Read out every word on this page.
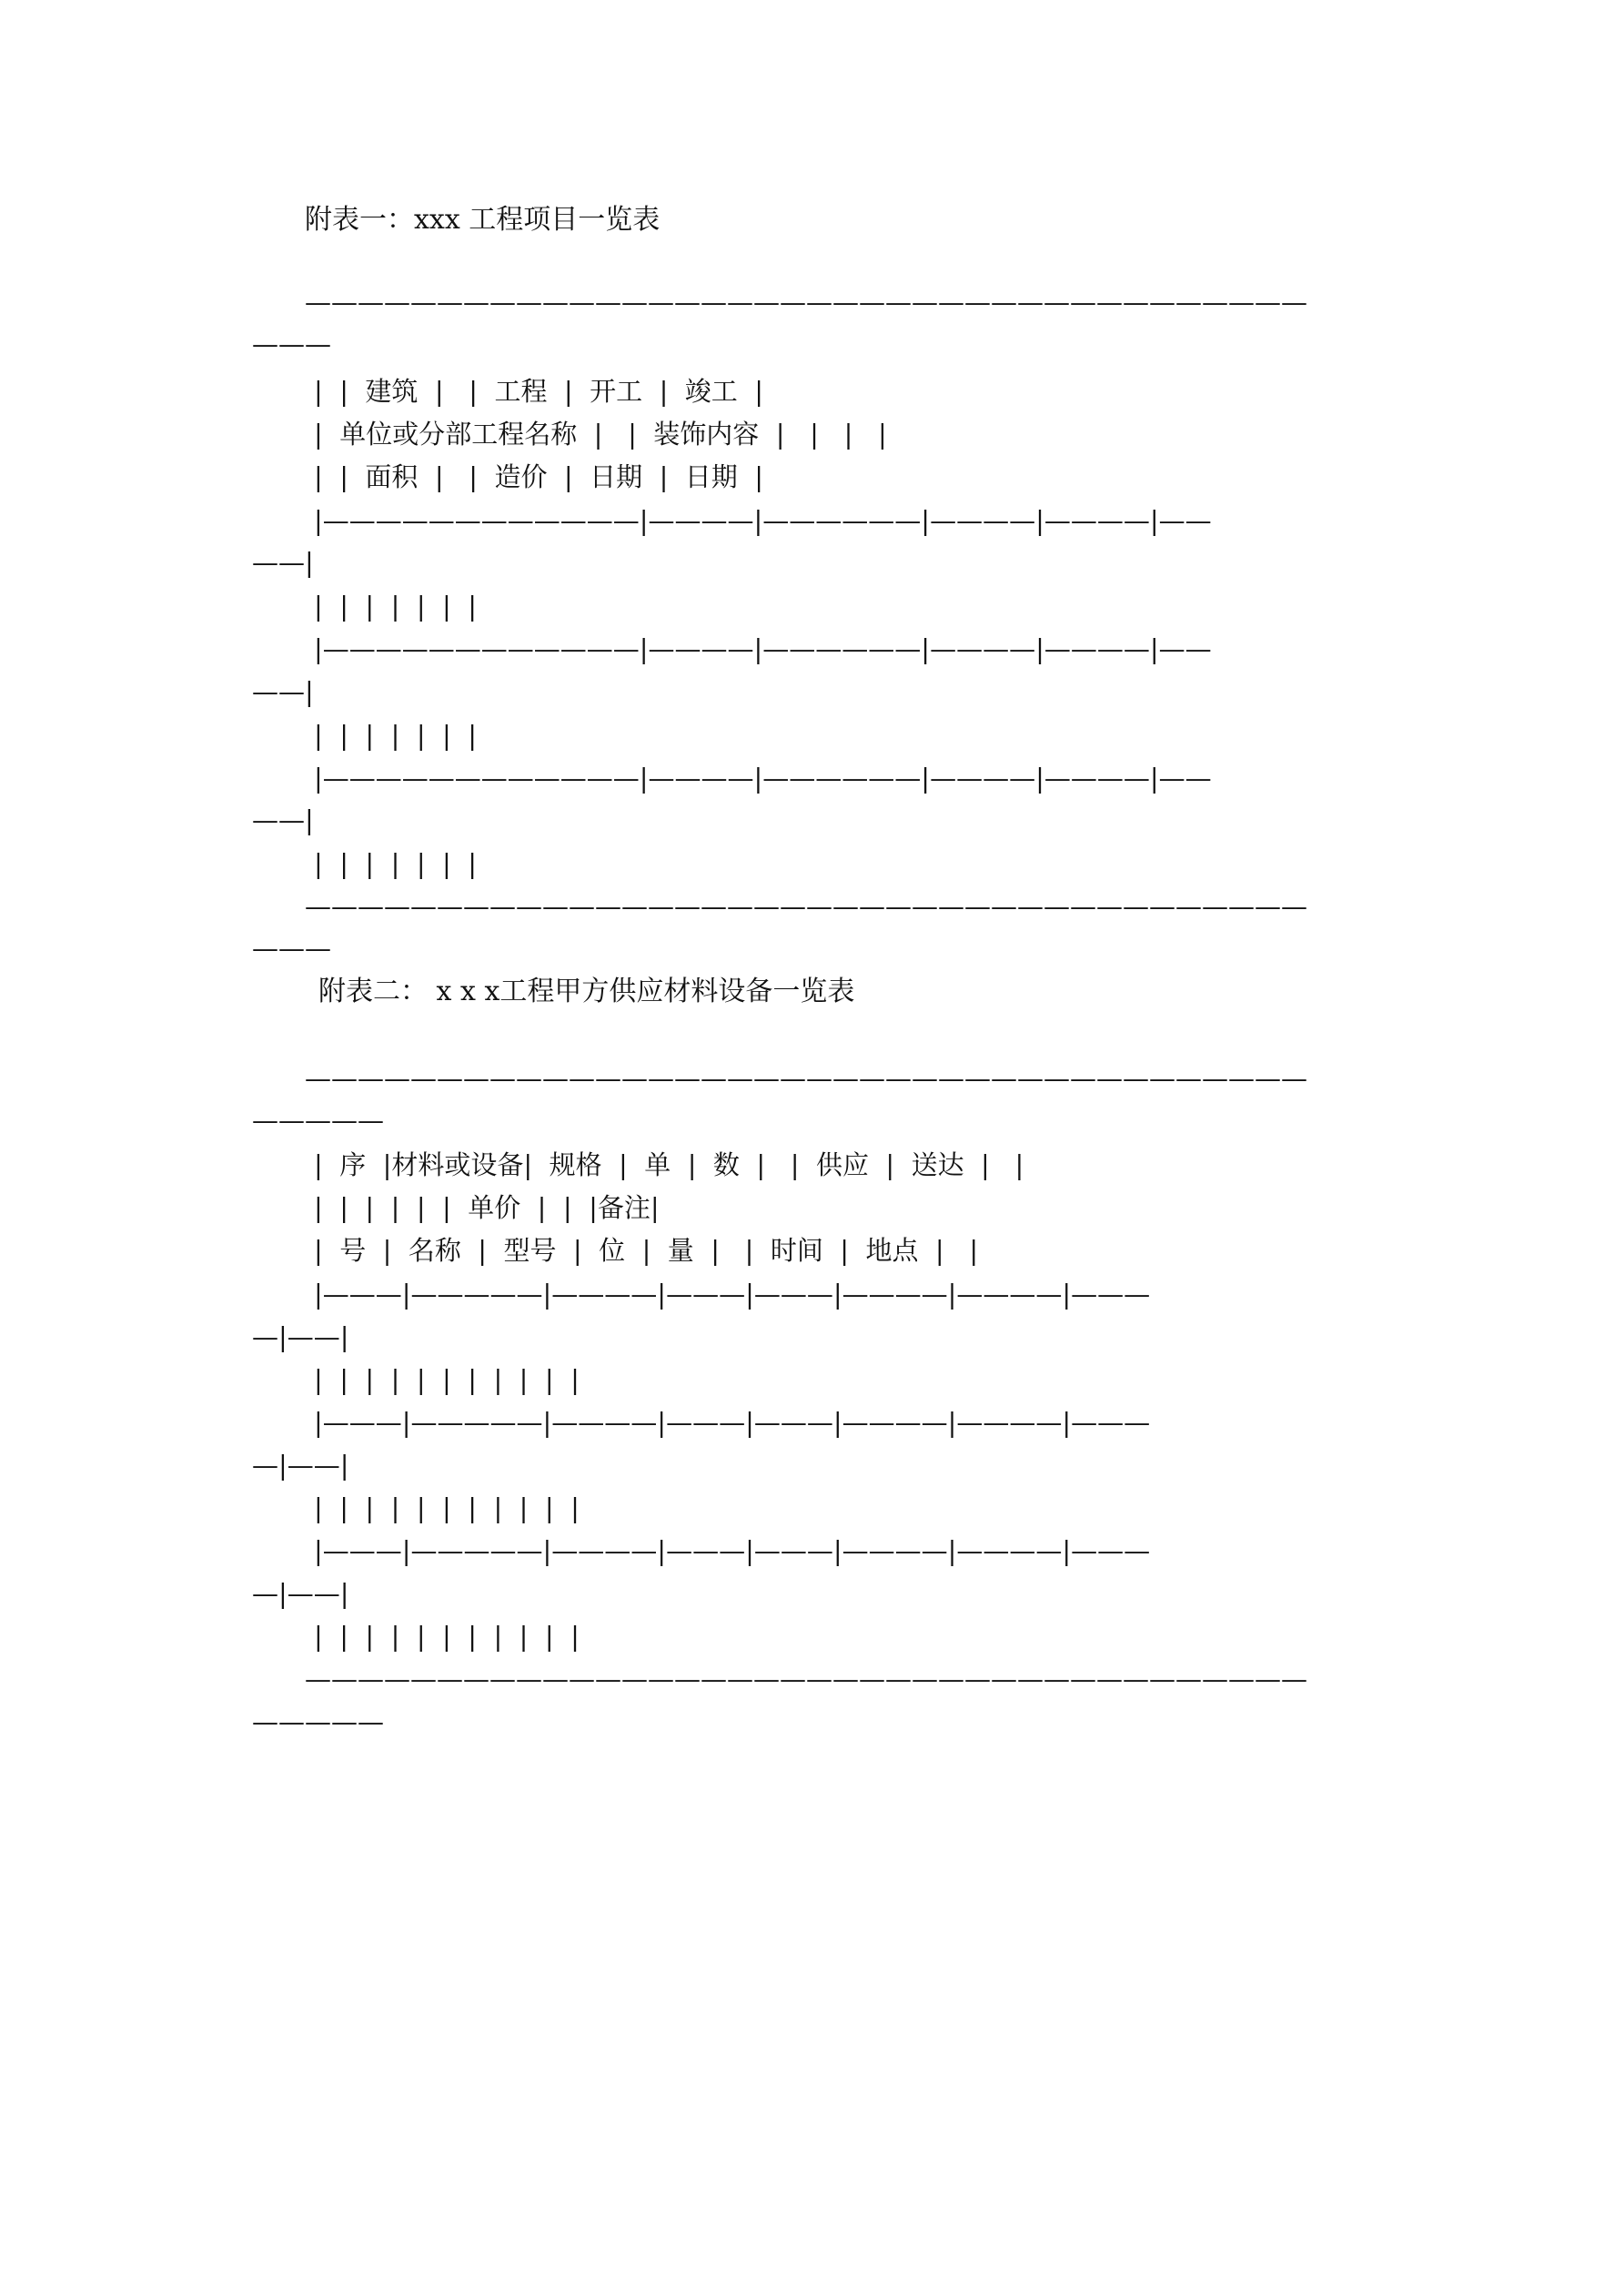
附表一：xxx 工程项目一览表
——————————————————————————————————————
———
|  |  建筑  |   |  工程  |  开工  |  竣工  |
|  单位或分部工程名称  |   |  装饰内容  |   |   |   |
|  |  面积  |   |  造价  |  日期  |  日期  |
|————————————|————|——————|————|————|——
——|
|  |  |  |  |  |  |
|————————————|————|——————|————|————|——
——|
|  |  |  |  |  |  |
|————————————|————|——————|————|————|——
——|
|  |  |  |  |  |  |
——————————————————————————————————————
———
附表二： x x x工程甲方供应材料设备一览表
——————————————————————————————————————
—————
|  序  |材料或设备|  规格  |  单  |  数  |   |  供应  |  送达  |   |
|  |  |  |  |  |  单价  |  |  |备注|
|  号  |  名称  |  型号  |  位  |  量  |   |  时间  |  地点  |   |
|———|—————|————|———|———|————|————|———
—|——|
|  |  |  |  |  |  |  |  |  |  |
|———|—————|————|———|———|————|————|———
—|——|
|  |  |  |  |  |  |  |  |  |  |
|———|—————|————|———|———|————|————|———
—|——|
|  |  |  |  |  |  |  |  |  |  |
——————————————————————————————————————
—————
